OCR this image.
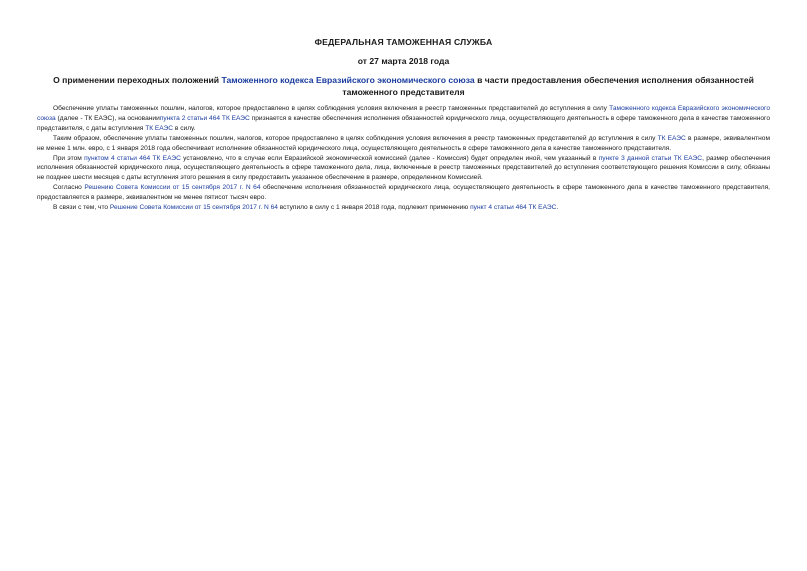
ФЕДЕРАЛЬНАЯ ТАМОЖЕННАЯ СЛУЖБА
от 27 марта 2018 года
О применении переходных положений Таможенного кодекса Евразийского экономического союза в части предоставления обеспечения исполнения обязанностей таможенного представителя

Обеспечение уплаты таможенных пошлин, налогов, которое предоставлено в целях соблюдения условия включения в реестр таможенных представителей до вступления в силу Таможенного кодекса Евразийского экономического союза (далее - ТК ЕАЭС), на основаниипункта 2 статьи 464 ТК ЕАЭС признается в качестве обеспечения исполнения обязанностей юридического лица, осуществляющего деятельность в сфере таможенного дела в качестве таможенного представителя, с даты вступления ТК ЕАЭС в силу.

Таким образом, обеспечение уплаты таможенных пошлин, налогов, которое предоставлено в целях соблюдения условия включения в реестр таможенных представителей до вступления в силу ТК ЕАЭС в размере, эквивалентном не менее 1 млн. евро, с 1 января 2018 года обеспечивает исполнение обязанностей юридического лица, осуществляющего деятельность в сфере таможенного дела в качестве таможенного представителя.

При этом пунктом 4 статьи 464 ТК ЕАЭС установлено, что в случае если Евразийской экономической комиссией (далее - Комиссия) будет определен иной, чем указанный в пункте 3 данной статьи ТК ЕАЭС, размер обеспечения исполнения обязанностей юридического лица, осуществляющего деятельность в сфере таможенного дела, лица, включенные в реестр таможенных представителей до вступления соответствующего решения Комиссии в силу, обязаны не позднее шести месяцев с даты вступления этого решения в силу предоставить указанное обеспечение в размере, определенном Комиссией.

Согласно Решению Совета Комиссии от 15 сентября 2017 г. N 64 обеспечение исполнения обязанностей юридического лица, осуществляющего деятельность в сфере таможенного дела в качестве таможенного представителя, предоставляется в размере, эквивалентном не менее пятисот тысяч евро.

В связи с тем, что Решение Совета Комиссии от 15 сентября 2017 г. N 64 вступило в силу с 1 января 2018 года, подлежит применению пункт 4 статьи 464 ТК ЕАЭС.
